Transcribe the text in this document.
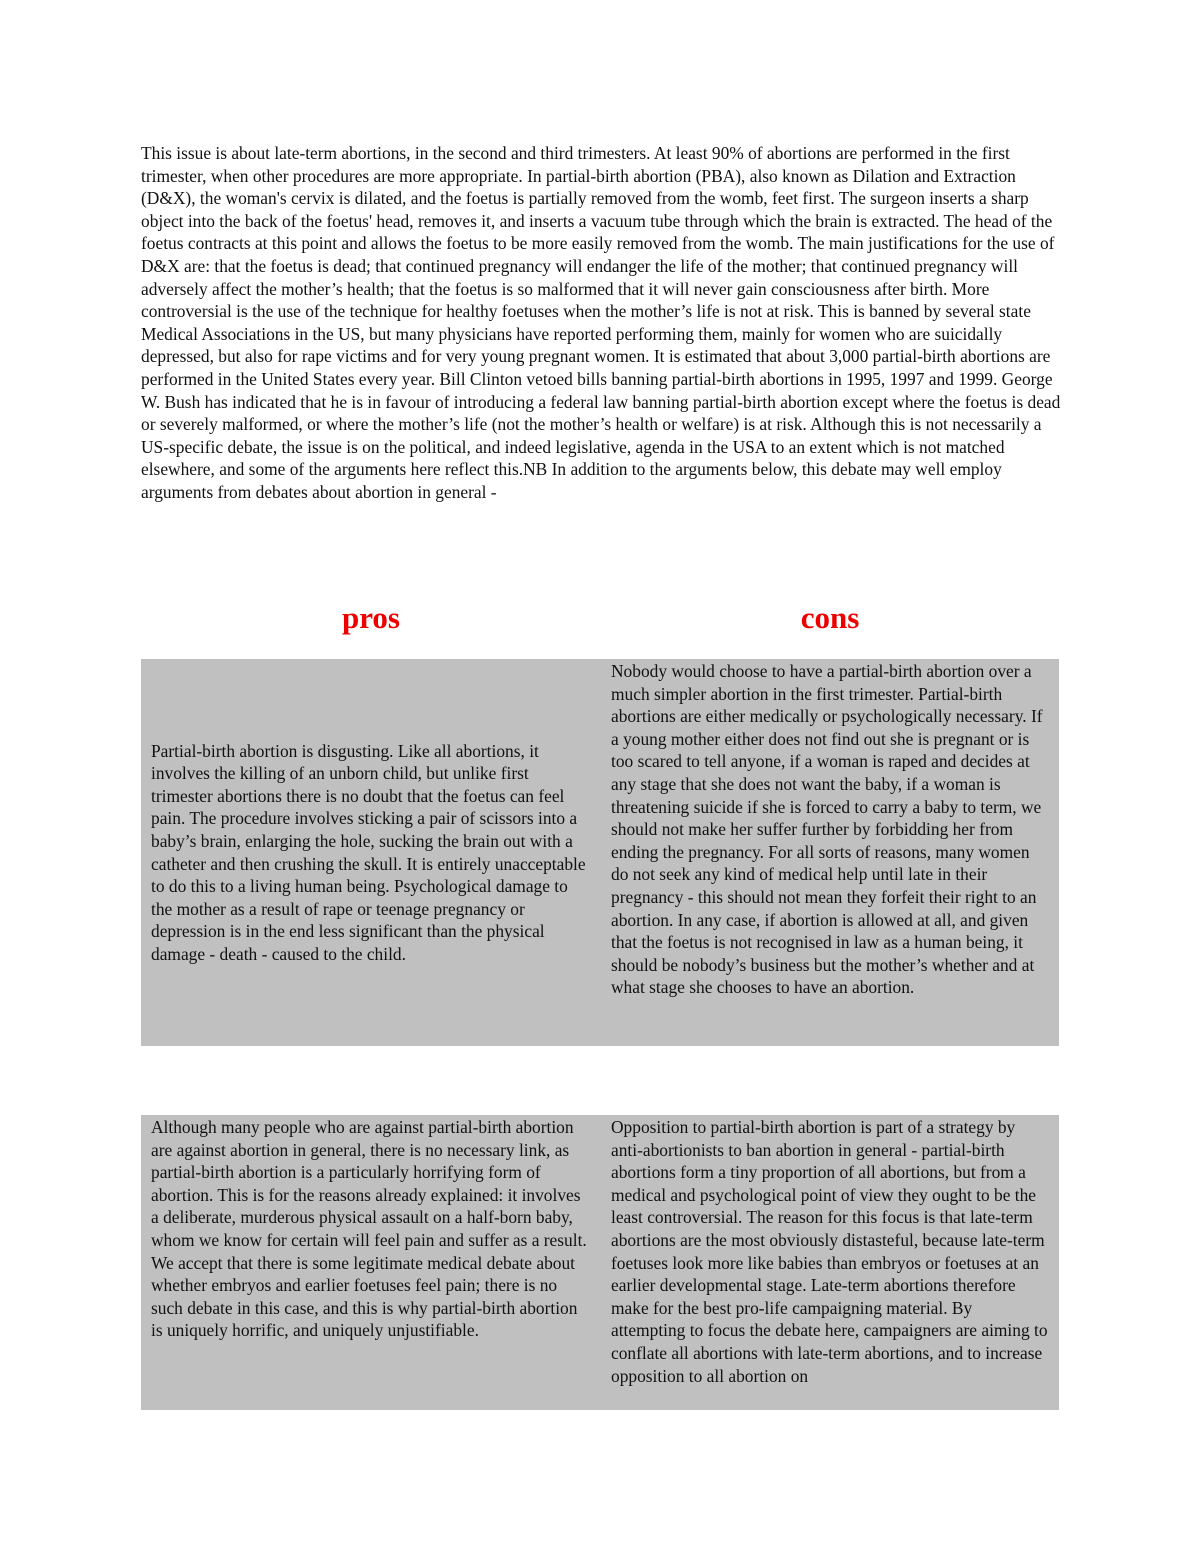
This issue is about late-term abortions, in the second and third trimesters. At least 90% of abortions are performed in the first trimester, when other procedures are more appropriate. In partial-birth abortion (PBA), also known as Dilation and Extraction (D&X), the woman's cervix is dilated, and the foetus is partially removed from the womb, feet first. The surgeon inserts a sharp object into the back of the foetus' head, removes it, and inserts a vacuum tube through which the brain is extracted. The head of the foetus contracts at this point and allows the foetus to be more easily removed from the womb. The main justifications for the use of D&X are: that the foetus is dead; that continued pregnancy will endanger the life of the mother; that continued pregnancy will adversely affect the mother’s health; that the foetus is so malformed that it will never gain consciousness after birth. More controversial is the use of the technique for healthy foetuses when the mother’s life is not at risk. This is banned by several state Medical Associations in the US, but many physicians have reported performing them, mainly for women who are suicidally depressed, but also for rape victims and for very young pregnant women. It is estimated that about 3,000 partial-birth abortions are performed in the United States every year. Bill Clinton vetoed bills banning partial-birth abortions in 1995, 1997 and 1999. George W. Bush has indicated that he is in favour of introducing a federal law banning partial-birth abortion except where the foetus is dead or severely malformed, or where the mother’s life (not the mother’s health or welfare) is at risk. Although this is not necessarily a US-specific debate, the issue is on the political, and indeed legislative, agenda in the USA to an extent which is not matched elsewhere, and some of the arguments here reflect this.NB In addition to the arguments below, this debate may well employ arguments from debates about abortion in general -

pros	cons

Partial-birth abortion is disgusting. Like all abortions, it involves the killing of an unborn child, but unlike first trimester abortions there is no doubt that the foetus can feel pain. The procedure involves sticking a pair of scissors into a baby’s brain, enlarging the hole, sucking the brain out with a catheter and then crushing the skull. It is entirely unacceptable to do this to a living human being. Psychological damage to the mother as a result of rape or teenage pregnancy or depression is in the end less significant than the physical damage - death - caused to the child.

Nobody would choose to have a partial-birth abortion over a much simpler abortion in the first trimester. Partial-birth abortions are either medically or psychologically necessary. If a young mother either does not find out she is pregnant or is too scared to tell anyone, if a woman is raped and decides at any stage that she does not want the baby, if a woman is threatening suicide if she is forced to carry a baby to term, we should not make her suffer further by forbidding her from ending the pregnancy. For all sorts of reasons, many women do not seek any kind of medical help until late in their pregnancy - this should not mean they forfeit their right to an abortion. In any case, if abortion is allowed at all, and given that the foetus is not recognised in law as a human being, it should be nobody’s business but the mother’s whether and at what stage she chooses to have an abortion.

Although many people who are against partial-birth abortion are against abortion in general, there is no necessary link, as partial-birth abortion is a particularly horrifying form of abortion. This is for the reasons already explained: it involves a deliberate, murderous physical assault on a half-born baby, whom we know for certain will feel pain and suffer as a result. We accept that there is some legitimate medical debate about whether embryos and earlier foetuses feel pain; there is no such debate in this case, and this is why partial-birth abortion is uniquely horrific, and uniquely unjustifiable.

Opposition to partial-birth abortion is part of a strategy by anti-abortionists to ban abortion in general - partial-birth abortions form a tiny proportion of all abortions, but from a medical and psychological point of view they ought to be the least controversial. The reason for this focus is that late-term abortions are the most obviously distasteful, because late-term foetuses look more like babies than embryos or foetuses at an earlier developmental stage. Late-term abortions therefore make for the best pro-life campaigning material. By attempting to focus the debate here, campaigners are aiming to conflate all abortions with late-term abortions, and to increase opposition to all abortion on
